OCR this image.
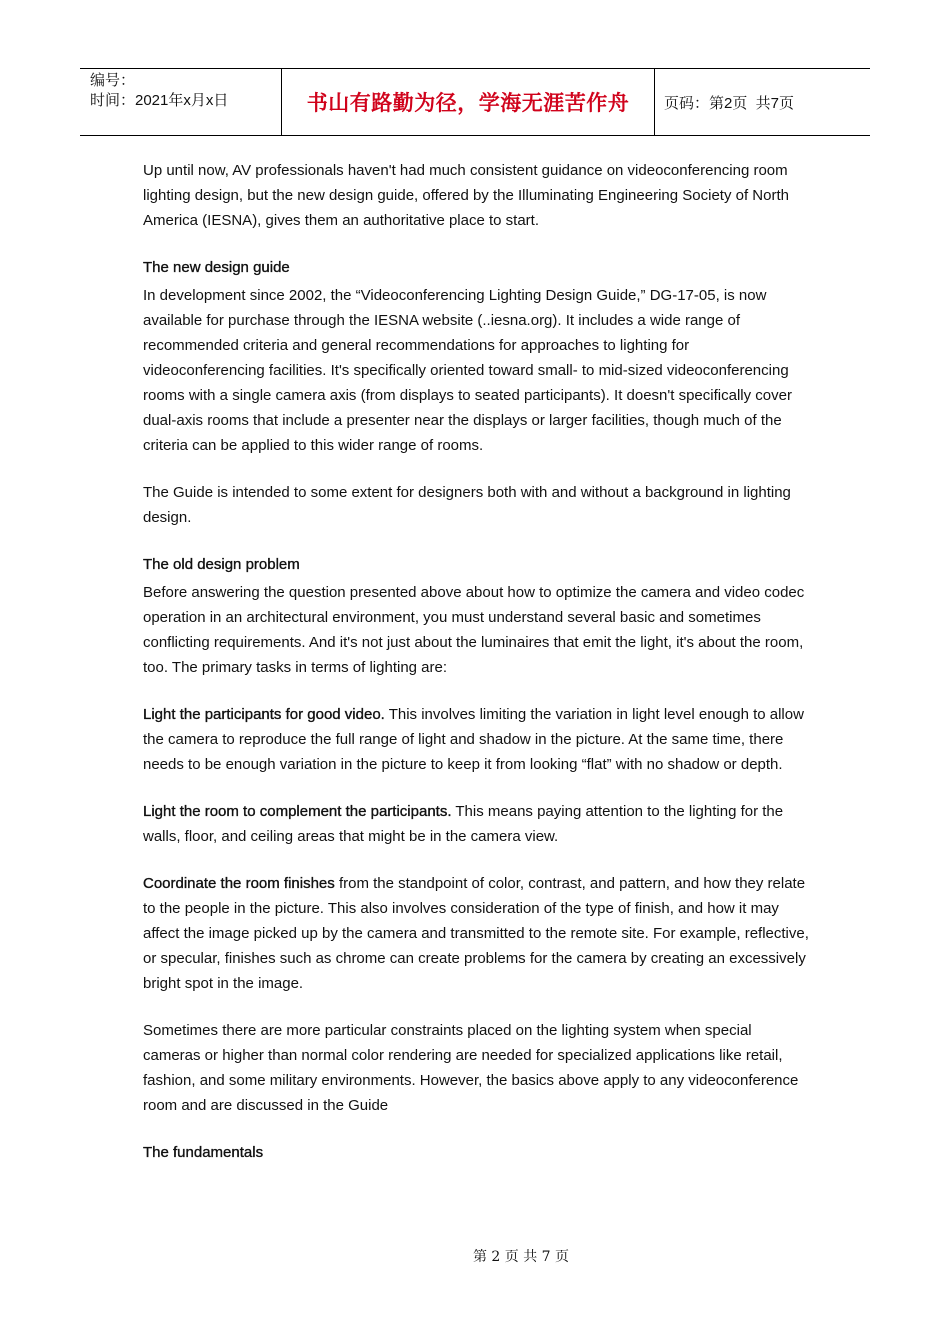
编号：
时间：2021年x月x日	书山有路勤为径，学海无涯苦作舟	页码：第2页  共7页

Up until now, AV professionals haven't had much consistent guidance on videoconferencing room lighting design, but the new design guide, offered by the Illuminating Engineering Society of North America (IESNA), gives them an authoritative place to start.

The new design guide

In development since 2002, the “Videoconferencing Lighting Design Guide,” DG-17-05, is now available for purchase through the IESNA website (..iesna.org). It includes a wide range of recommended criteria and general recommendations for approaches to lighting for videoconferencing facilities. It's specifically oriented toward small- to mid-sized videoconferencing rooms with a single camera axis (from displays to seated participants). It doesn't specifically cover dual-axis rooms that include a presenter near the displays or larger facilities, though much of the criteria can be applied to this wider range of rooms.

The Guide is intended to some extent for designers both with and without a background in lighting design.

The old design problem

Before answering the question presented above about how to optimize the camera and video codec operation in an architectural environment, you must understand several basic and sometimes conflicting requirements. And it's not just about the luminaires that emit the light, it's about the room, too. The primary tasks in terms of lighting are:

Light the participants for good video. This involves limiting the variation in light level enough to allow the camera to reproduce the full range of light and shadow in the picture. At the same time, there needs to be enough variation in the picture to keep it from looking “flat” with no shadow or depth.

Light the room to complement the participants. This means paying attention to the lighting for the walls, floor, and ceiling areas that might be in the camera view.

Coordinate the room finishes from the standpoint of color, contrast, and pattern, and how they relate to the people in the picture. This also involves consideration of the type of finish, and how it may affect the image picked up by the camera and transmitted to the remote site. For example, reflective, or specular, finishes such as chrome can create problems for the camera by creating an excessively bright spot in the image.

Sometimes there are more particular constraints placed on the lighting system when special cameras or higher than normal color rendering are needed for specialized applications like retail, fashion, and some military environments. However, the basics above apply to any videoconference room and are discussed in the Guide

The fundamentals
第 2 页 共 7 页
